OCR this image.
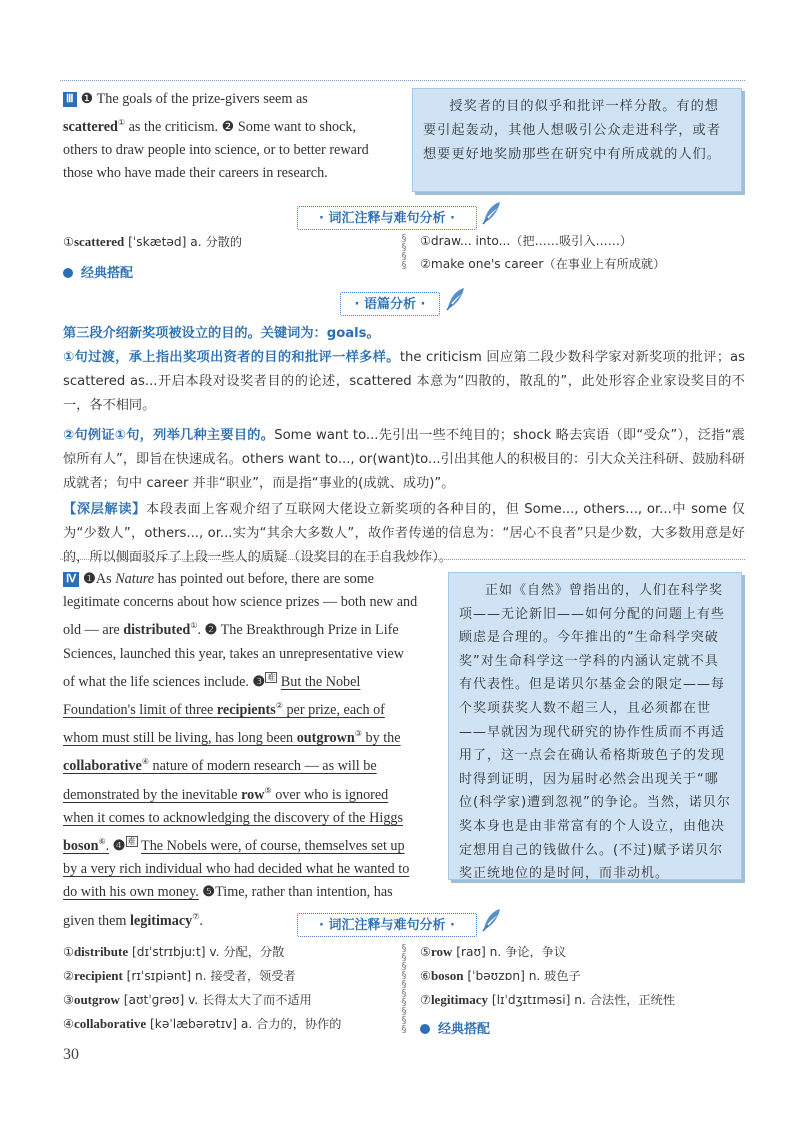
Ⅲ ❶ The goals of the prize-givers seem as
scattered① as the criticism. ❷ Some want to shock,
others to draw people into science, or to better reward
those who have made their careers in research.
授奖者的目的似乎和批评一样分散。有的想要引起轰动，其他人想吸引公众走进科学，或者想要更好地奖励那些在研究中有所成就的人们。
· 词汇注释与难句分析 ·
①scattered [ˈskætəd] a. 分散的
经典搭配
§
§
§
§
①draw... into...（把……吸引入……）
②make one's career（在事业上有所成就）
· 语篇分析 ·
第三段介绍新奖项被设立的目的。关键词为：goals。
①句过渡，承上指出奖项出资者的目的和批评一样多样。the criticism 回应第二段少数科学家对新奖项的批评；as scattered as...开启本段对设奖者目的的论述，scattered 本意为“四散的，散乱的”，此处形容企业家设奖目的不一，各不相同。
②句例证①句，列举几种主要目的。Some want to...先引出一些不纯目的；shock 略去宾语（即“受众”），泛指“震惊所有人”，即旨在快速成名。others want to..., or(want)to...引出其他人的积极目的：引大众关注科研、鼓励科研成就者；句中 career 并非“职业”，而是指“事业的(成就、成功)”。
【深层解读】本段表面上客观介绍了互联网大佬设立新奖项的各种目的，但 Some..., others..., or...中 some 仅为“少数人”，others..., or...实为“其余大多数人”，故作者传递的信息为：“居心不良者”只是少数，大多数用意是好的，所以侧面驳斥了上段一些人的质疑（设奖目的在于自我炒作）。
Ⅳ ❶As Nature has pointed out before, there are some
legitimate concerns about how science prizes — both new and
old — are distributed①. ❷ The Breakthrough Prize in Life
Sciences, launched this year, takes an unrepresentative view
of what the life sciences include. ❸ $^难$ But the Nobel
Foundation's limit of three recipients② per prize, each of
whom must still be living, has long been outgrown③ by the
collaborative④ nature of modern research — as will be
demonstrated by the inevitable row⑤ over who is ignored
when it comes to acknowledging the discovery of the Higgs
boson⑥. ❹ $^难$ The Nobels were, of course, themselves set up
by a very rich individual who had decided what he wanted to
do with his own money. ❺Time, rather than intention, has
given them legitimacy⑦.
正如《自然》曾指出的，人们在科学奖项——无论新旧——如何分配的问题上有些顾虑是合理的。今年推出的“生命科学突破奖”对生命科学这一学科的内涵认定就不具有代表性。但是诺贝尔基金会的限定——每个奖项获奖人数不超三人，且必须都在世——早就因为现代研究的协作性质而不再适用了，这一点会在确认希格斯玻色子的发现时得到证明，因为届时必然会出现关于“哪位(科学家)遭到忽视”的争论。当然，诺贝尔奖本身也是由非常富有的个人设立，由他决定想用自己的钱做什么。(不过)赋予诺贝尔奖正统地位的是时间，而非动机。
· 词汇注释与难句分析 ·
①distribute [dɪˈstrɪbjuːt] v. 分配，分散
②recipient [rɪˈsɪpiənt] n. 接受者，领受者
③outgrow [aʊtˈɡrəʊ] v. 长得太大了而不适用
④collaborative [kəˈlæbərətɪv] a. 合力的，协作的
§
§
§
§
§
§
§
§
§
§
⑤row [raʊ] n. 争论，争议
⑥boson [ˈbəʊzɒn] n. 玻色子
⑦legitimacy [lɪˈdʒɪtɪməsi] n. 合法性，正统性
经典搭配
30
